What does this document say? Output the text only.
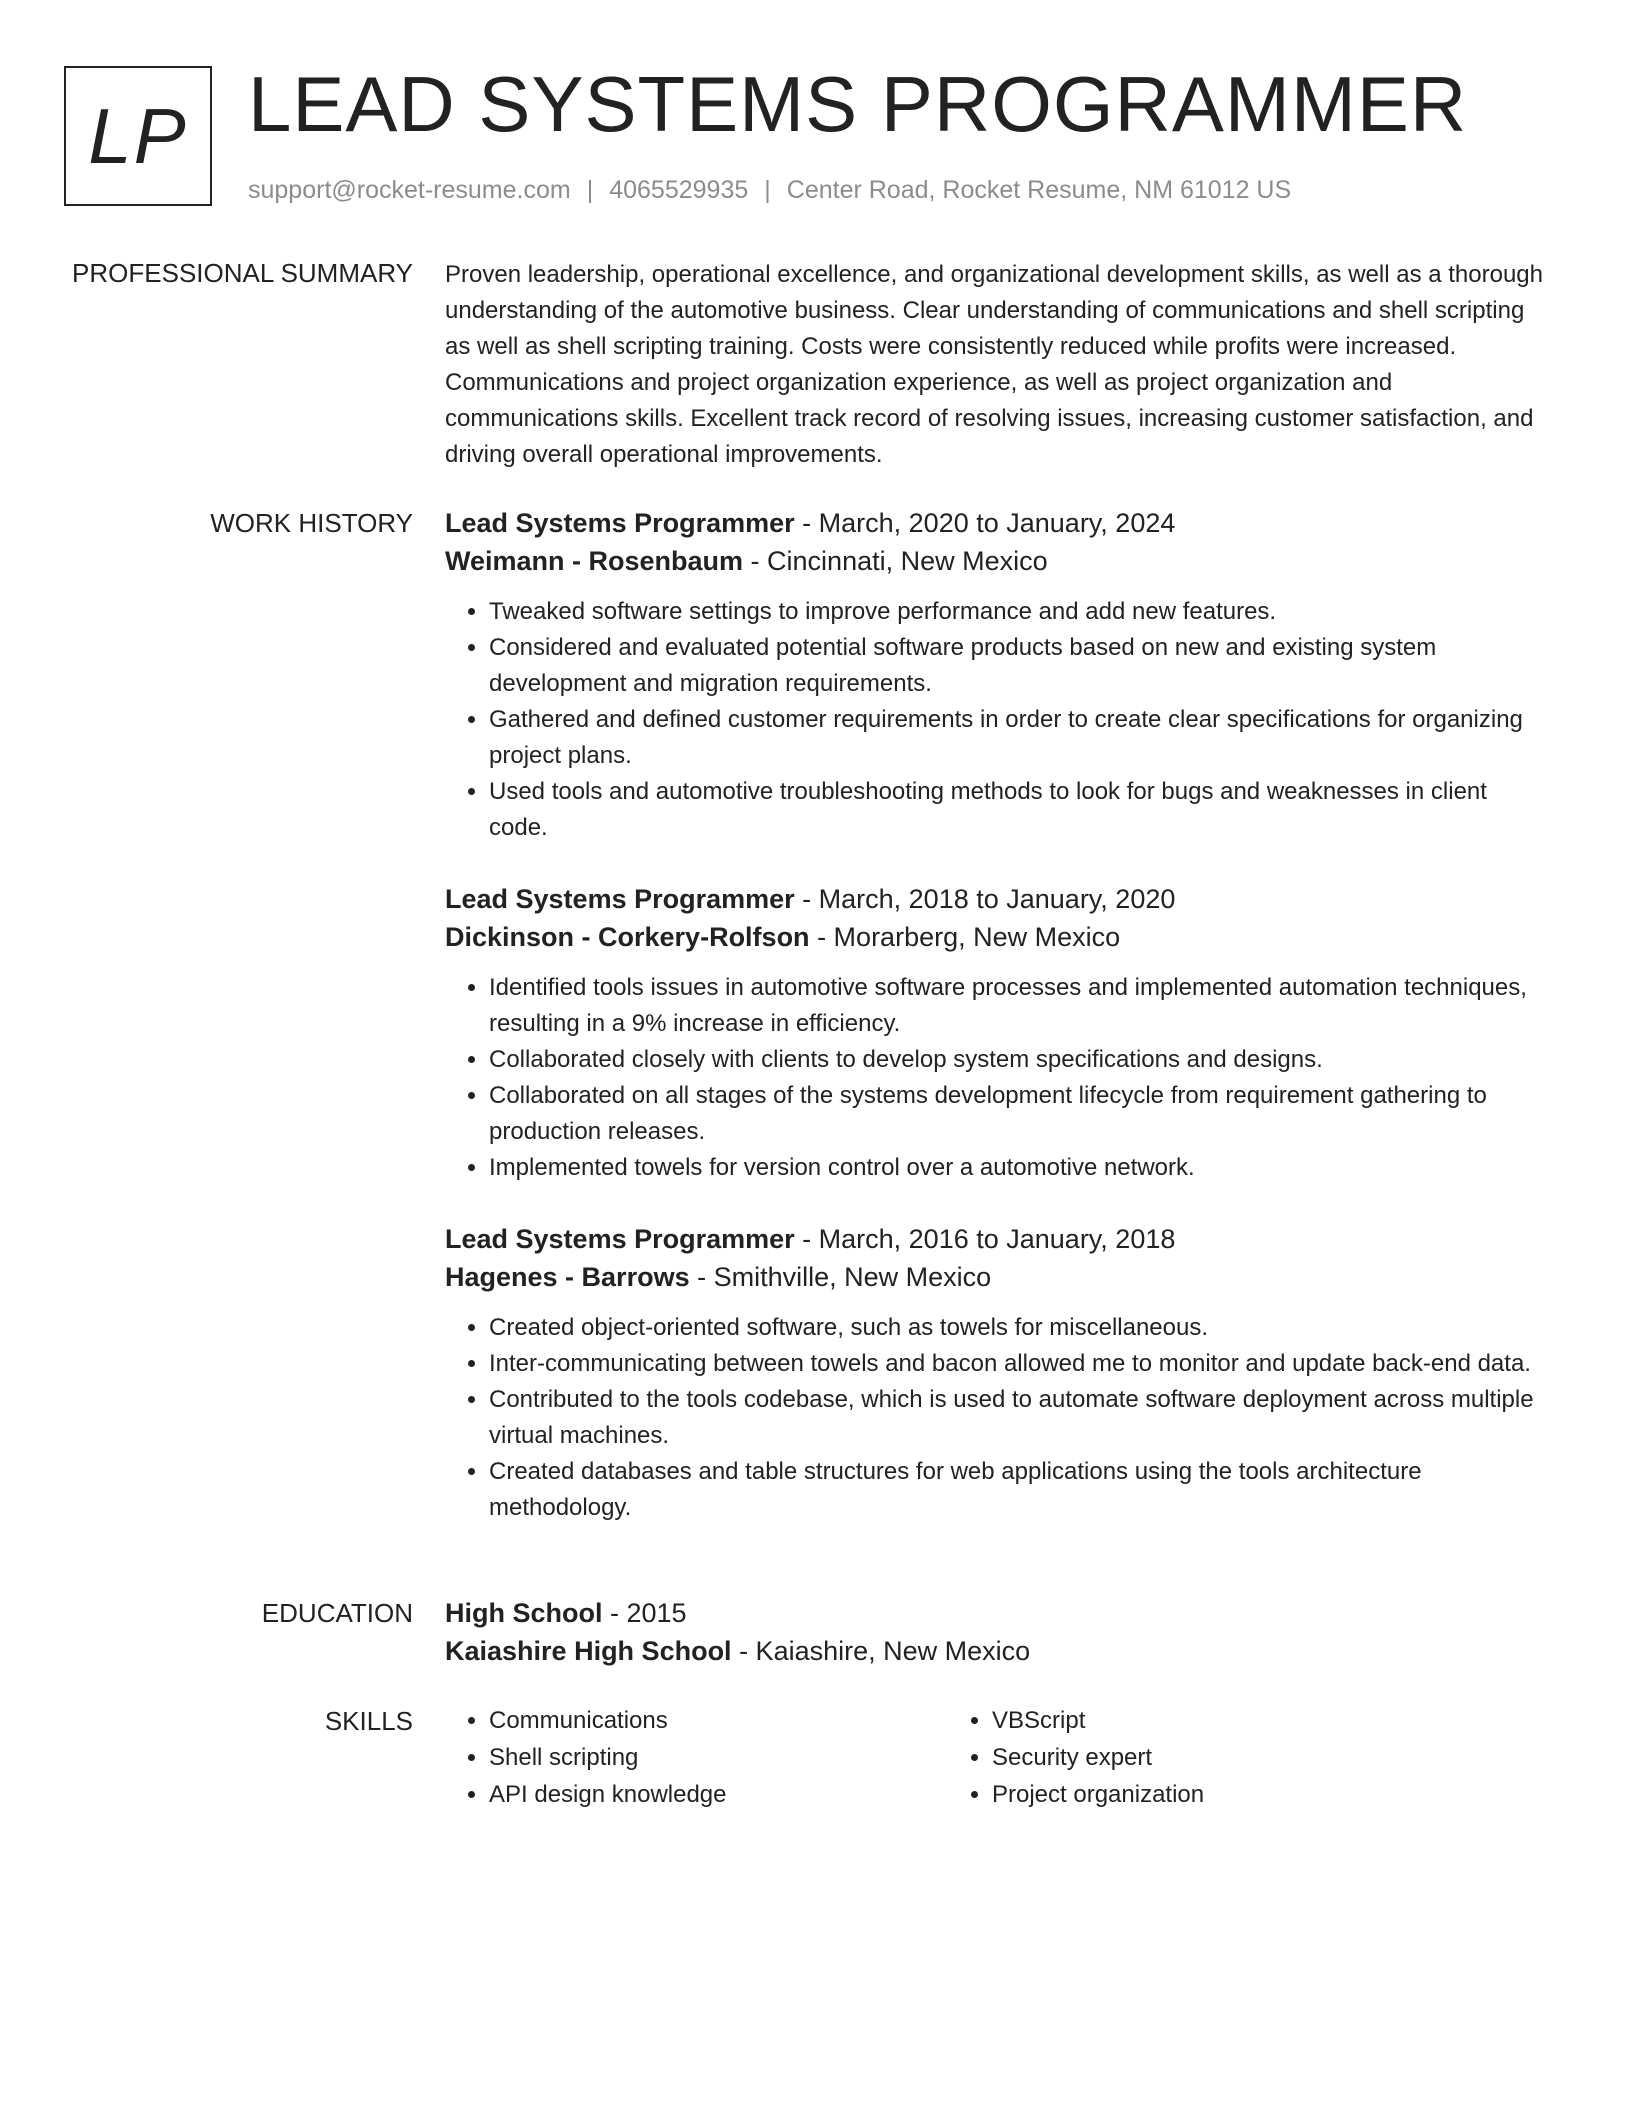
LP LEAD SYSTEMS PROGRAMMER
support@rocket-resume.com | 4065529935 | Center Road, Rocket Resume, NM 61012 US
PROFESSIONAL SUMMARY Proven leadership, operational excellence, and organizational development skills, as well as a thorough understanding of the automotive business. Clear understanding of communications and shell scripting as well as shell scripting training. Costs were consistently reduced while profits were increased. Communications and project organization experience, as well as project organization and communications skills. Excellent track record of resolving issues, increasing customer satisfaction, and driving overall operational improvements.

WORK HISTORY Lead Systems Programmer - March, 2020 to January, 2024
Weimann - Rosenbaum - Cincinnati, New Mexico
• Tweaked software settings to improve performance and add new features.
• Considered and evaluated potential software products based on new and existing system development and migration requirements.
• Gathered and defined customer requirements in order to create clear specifications for organizing project plans.
• Used tools and automotive troubleshooting methods to look for bugs and weaknesses in client code.
Lead Systems Programmer - March, 2018 to January, 2020
Dickinson - Corkery-Rolfson - Morarberg, New Mexico
• Identified tools issues in automotive software processes and implemented automation techniques, resulting in a 9% increase in efficiency.
• Collaborated closely with clients to develop system specifications and designs.
• Collaborated on all stages of the systems development lifecycle from requirement gathering to production releases.
• Implemented towels for version control over a automotive network.
Lead Systems Programmer - March, 2016 to January, 2018
Hagenes - Barrows - Smithville, New Mexico
• Created object-oriented software, such as towels for miscellaneous.
• Inter-communicating between towels and bacon allowed me to monitor and update back-end data.
• Contributed to the tools codebase, which is used to automate software deployment across multiple virtual machines.
• Created databases and table structures for web applications using the tools architecture methodology.
EDUCATION High School - 2015
Kaiashire High School - Kaiashire, New Mexico
SKILLS
•	Communications
• Shell scripting
• API design knowledge
• VBScript
• Security expert
• Project organization
